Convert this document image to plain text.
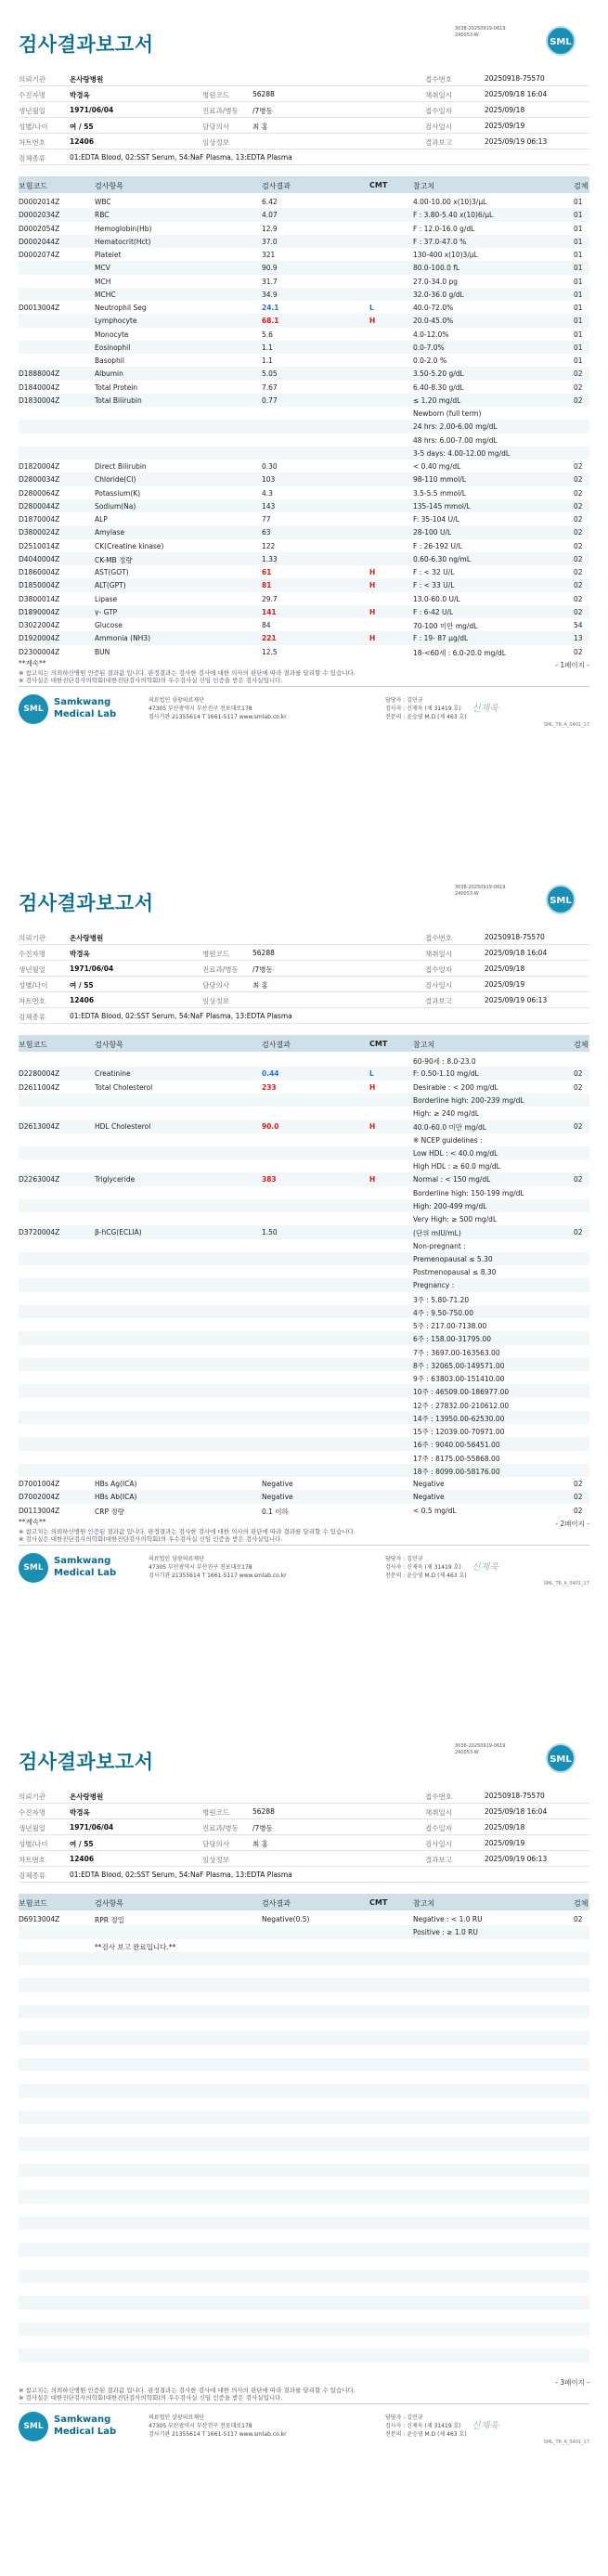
검사결과보고서
3038-20250919-0619
240053-W
SML
의뢰기관	온사랑병원	접수번호	20250918-75570
수진자명	박경옥	병원코드	56288	채취일시	2025/09/18 16:04
생년월일	1971/06/04	진료과/병동 /7병동	접수일자	2025/09/18
성별/나이	여 / 55	담당의사	최 홍	검사일시	2025/09/19
차트번호	12406	임상정보	결과보고	2025/09/19 06:13
검체종류	01:EDTA Blood, 02:SST Serum, 54:NaF Plasma, 13:EDTA Plasma
보험코드	검사항목	검사결과	CMT	참고치	검체
D0002014Z	WBC	6.42	4.00-10.00 x(10)3/μL	01
D0002034Z	RBC	4.07	F : 3.80-5.40 x(10)6/μL	01
D0002054Z	Hemoglobin(Hb)	12.9	F : 12.0-16.0 g/dL	01
D0002044Z	Hematocrit(Hct)	37.0	F : 37.0-47.0 %	01
D0002074Z	Platelet	321	130-400 x(10)3/μL	01
MCV	90.9	80.0-100.0 fL	01
MCH	31.7	27.0-34.0 pg	01
MCHC	34.9	32.0-36.0 g/dL	01
D0013004Z	Neutrophil Seg	24.1	L	40.0-72.0%	01
Lymphocyte	68.1	H	20.0-45.0%	01
Monocyte	5.6	4.0-12.0%	01
Eosinophil	1.1	0.0-7.0%	01
Basophil	1.1	0.0-2.0 %	01
D1888004Z	Albumin	5.05	3.50-5.20 g/dL	02
D1840004Z	Total Protein	7.67	6.40-8.30 g/dL	02
D1830004Z	Total Bilirubin	0.77	≤ 1.20 mg/dL	02
Newborn (full term)
24 hrs: 2.00-6.00 mg/dL
48 hrs: 6.00-7.00 mg/dL
3-5 days: 4.00-12.00 mg/dL
D1820004Z	Direct Bilirubin	0.30	< 0.40 mg/dL	02
D2800034Z	Chloride(Cl)	103	98-110 mmol/L	02
D2800064Z	Potassium(K)	4.3	3.5-5.5 mmol/L	02
D2800044Z	Sodium(Na)	143	135-145 mmol/L	02
D1870004Z	ALP	77	F: 35-104 U/L	02
D3800024Z	Amylase	63	28-100 U/L	02
D2510014Z	CK(Creatine kinase)	122	F : 26-192 U/L	02
D4040004Z	CK-MB 정량	1.33	0.60-6.30 ng/mL	02
D1860004Z	AST(GOT)	61	H	F : < 32 U/L	02
D1850004Z	ALT(GPT)	81	H	F : < 33 U/L	02
D3800014Z	Lipase	29.7	13.0-60.0 U/L	02
D1890004Z	γ- GTP	141	H	F : 6-42 U/L	02
D3022004Z	Glucose	84	70-100 미만 mg/dL	54
D1920004Z	Ammonia (NH3)	221	H	F : 19- 87 μg/dL	13
D2300004Z	BUN	12.5	18-<60세 : 6.0-20.0 mg/dL	02
**계속**	- 1페이지 -
※ 참고치는 의뢰하신병원 인증된 결과값 입니다. 판정결과는 검사한 검사에 대한 의사의 판단에 따라 결과를 달리할 수 있습니다.
※ 검사실은 대한진단검사의학회(대한진단검사의학회)의 우수검사실 신임 인증을 받은 검사실입니다.
SML
Samkwang
Medical Lab
의료법인 삼광의료재단
47305 부산광역시 부산진구 전포대로178
검사기관 21355614 T 1661-5117 www.smlab.co.kr
담당자 : 김민규
검사자 : 신재욱 (제 31419 호)
전문의 : 윤승영 M.D (제 463 호)
신재욱
SML_TR_A_0401_17
검사결과보고서
3038-20250919-0619
240053-W
SML
의뢰기관	온사랑병원	접수번호	20250918-75570
수진자명	박경옥	병원코드	56288	채취일시	2025/09/18 16:04
생년월일	1971/06/04	진료과/병동 /7병동	접수일자	2025/09/18
성별/나이	여 / 55	담당의사	최 홍	검사일시	2025/09/19
차트번호	12406	임상정보	결과보고	2025/09/19 06:13
검체종류	01:EDTA Blood, 02:SST Serum, 54:NaF Plasma, 13:EDTA Plasma
보험코드	검사항목	검사결과	CMT	참고치	검체
60-90세 : 8.0-23.0
D2280004Z	Creatinine	0.44	L	F: 0.50-1.10 mg/dL	02
D2611004Z	Total Cholesterol	233	H	Desirable : < 200 mg/dL	02
Borderline high: 200-239 mg/dL
High: ≥ 240 mg/dL
D2613004Z	HDL Cholesterol	90.0	H	40.0-60.0 미만 mg/dL	02
※ NCEP guidelines :
Low HDL : < 40.0 mg/dL
High HDL : ≥ 60.0 mg/dL
D2263004Z	Triglyceride	383	H	Normal : < 150 mg/dL	02
Borderline high: 150-199 mg/dL
High: 200-499 mg/dL
Very High: ≥ 500 mg/dL
D3720004Z	β-hCG(ECLIA)	1.50	(단위 mIU/mL)	02
Non-pregnant :
Premenopausal ≤ 5.30
Postmenopausal ≤ 8.30
Pregnancy :
3주 : 5.80-71.20
4주 : 9.50-750.00
5주 : 217.00-7138.00
6주 : 158.00-31795.00
7주 : 3697.00-163563.00
8주 : 32065.00-149571.00
9주 : 63803.00-151410.00
10주 : 46509.00-186977.00
12주 : 27832.00-210612.00
14주 : 13950.00-62530.00
15주 : 12039.00-70971.00
16주 : 9040.00-56451.00
17주 : 8175.00-55868.00
18주 : 8099.00-58176.00
D7001004Z	HBs Ag(ICA)	Negative	Negative	02
D7002004Z	HBs Ab(ICA)	Negative	Negative	02
D0113004Z	CRP 정량	0.1 이하	< 0.5 mg/dL	02
**계속**	- 2페이지 -
※ 참고치는 의뢰하신병원 인증된 결과값 입니다. 판정결과는 검사한 검사에 대한 의사의 판단에 따라 결과를 달리할 수 있습니다.
※ 검사실은 대한진단검사의학회(대한진단검사의학회)의 우수검사실 신임 인증을 받은 검사실입니다.
SML
Samkwang
Medical Lab
의료법인 삼광의료재단
47305 부산광역시 부산진구 전포대로178
검사기관 21355614 T 1661-5117 www.smlab.co.kr
담당자 : 김민규
검사자 : 신재욱 (제 31419 호)
전문의 : 윤승영 M.D (제 463 호)
신재욱
SML_TR_A_0401_17
검사결과보고서
3038-20250919-0619
240053-W
SML
의뢰기관	온사랑병원	접수번호	20250918-75570
수진자명	박경옥	병원코드	56288	채취일시	2025/09/18 16:04
생년월일	1971/06/04	진료과/병동 /7병동	접수일자	2025/09/18
성별/나이	여 / 55	담당의사	최 홍	검사일시	2025/09/19
차트번호	12406	임상정보	결과보고	2025/09/19 06:13
검체종류	01:EDTA Blood, 02:SST Serum, 54:NaF Plasma, 13:EDTA Plasma
보험코드	검사항목	검사결과	CMT	참고치	검체
D6913004Z	RPR 정밀	Negative(0.5)	Negative : < 1.0 RU	02
Positive : ≥ 1.0 RU
**검사 보고 완료입니다.**
- 3페이지 -
※ 참고치는 의뢰하신병원 인증된 결과값 입니다. 판정결과는 검사한 검사에 대한 의사의 판단에 따라 결과를 달리할 수 있습니다.
※ 검사실은 대한진단검사의학회(대한진단검사의학회)의 우수검사실 신임 인증을 받은 검사실입니다.
SML
Samkwang
Medical Lab
의료법인 삼광의료재단
47305 부산광역시 부산진구 전포대로178
검사기관 21355614 T 1661-5117 www.smlab.co.kr
담당자 : 김민규
검사자 : 신재욱 (제 31419 호)
전문의 : 윤승영 M.D (제 463 호)
신재욱
SML_TR_A_0401_17
